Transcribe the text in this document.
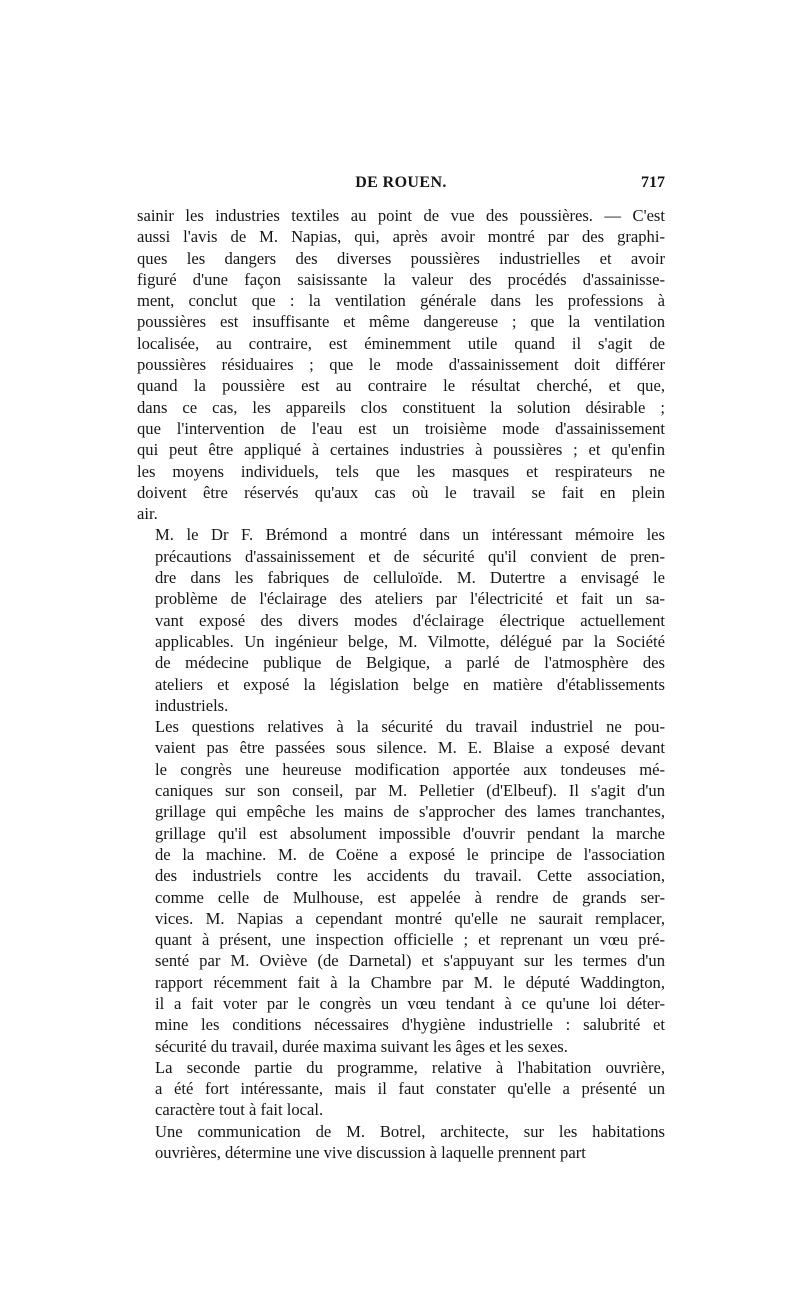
DE ROUEN.	717

sainir les industries textiles au point de vue des poussières. — C'est
aussi l'avis de M. Napias, qui, après avoir montré par des graphi-
ques les dangers des diverses poussières industrielles et avoir
figuré d'une façon saisissante la valeur des procédés d'assainisse-
ment, conclut que : la ventilation générale dans les professions à
poussières est insuffisante et même dangereuse ; que la ventilation
localisée, au contraire, est éminemment utile quand il s'agit de
poussières résiduaires ; que le mode d'assainissement doit différer
quand la poussière est au contraire le résultat cherché, et que,
dans ce cas, les appareils clos constituent la solution désirable ;
que l'intervention de l'eau est un troisième mode d'assainissement
qui peut être appliqué à certaines industries à poussières ; et qu'enfin
les moyens individuels, tels que les masques et respirateurs ne
doivent être réservés qu'aux cas où le travail se fait en plein
air.

M. le Dr F. Brémond a montré dans un intéressant mémoire les
précautions d'assainissement et de sécurité qu'il convient de pren-
dre dans les fabriques de celluloïde. M. Dutertre a envisagé le
problème de l'éclairage des ateliers par l'électricité et fait un sa-
vant exposé des divers modes d'éclairage électrique actuellement
applicables. Un ingénieur belge, M. Vilmotte, délégué par la Société
de médecine publique de Belgique, a parlé de l'atmosphère des
ateliers et exposé la législation belge en matière d'établissements
industriels.

Les questions relatives à la sécurité du travail industriel ne pou-
vaient pas être passées sous silence. M. E. Blaise a exposé devant
le congrès une heureuse modification apportée aux tondeuses mé-
caniques sur son conseil, par M. Pelletier (d'Elbeuf). Il s'agit d'un
grillage qui empêche les mains de s'approcher des lames tranchantes,
grillage qu'il est absolument impossible d'ouvrir pendant la marche
de la machine. M. de Coëne a exposé le principe de l'association
des industriels contre les accidents du travail. Cette association,
comme celle de Mulhouse, est appelée à rendre de grands ser-
vices. M. Napias a cependant montré qu'elle ne saurait remplacer,
quant à présent, une inspection officielle ; et reprenant un vœu pré-
senté par M. Oviève (de Darnetal) et s'appuyant sur les termes d'un
rapport récemment fait à la Chambre par M. le député Waddington,
il a fait voter par le congrès un vœu tendant à ce qu'une loi déter-
mine les conditions nécessaires d'hygiène industrielle : salubrité et
sécurité du travail, durée maxima suivant les âges et les sexes.

La seconde partie du programme, relative à l'habitation ouvrière,
a été fort intéressante, mais il faut constater qu'elle a présenté un
caractère tout à fait local.

Une communication de M. Botrel, architecte, sur les habitations
ouvrières, détermine une vive discussion à laquelle prennent part
